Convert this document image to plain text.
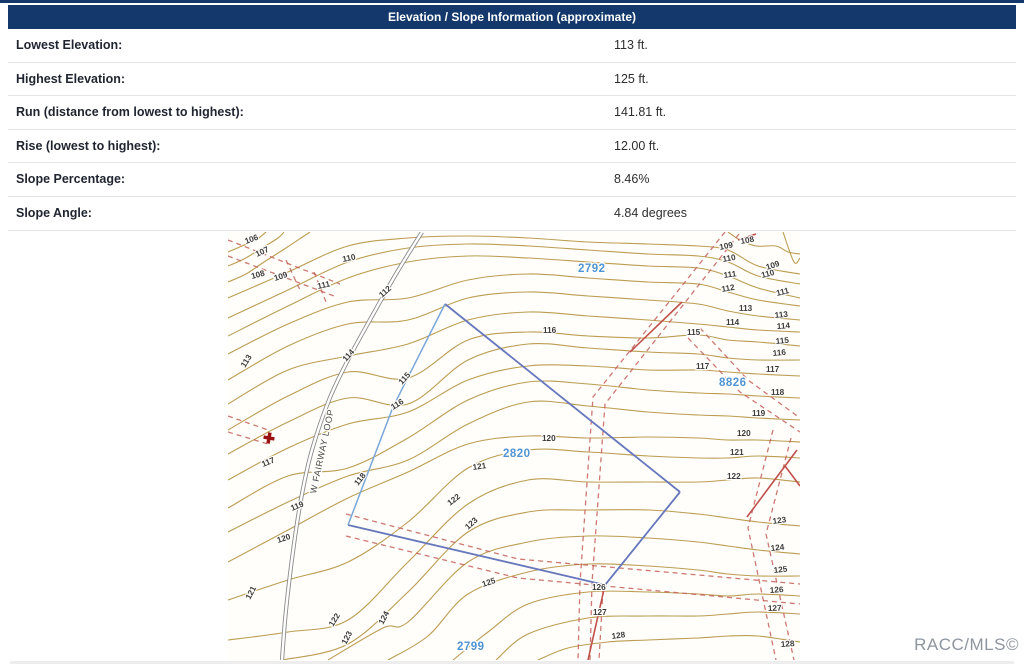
Elevation / Slope Information (approximate)
Lowest Elevation:	113 ft.
Highest Elevation:	125 ft.
Run (distance from lowest to highest):	141.81 ft.
Rise (lowest to highest):	12.00 ft.
Slope Percentage:	8.46%
Slope Angle:	4.84 degrees
W FAIRWAY LOOP
106
107
108 109
110
111	112
113	114
115
116
117
118
119
120
121
122
123
124
125
116
120
121
122
123
126
127
128
108
109
110
111
112
113
114
115
117
109
110
111
113
114
115
116
117
118
119
120
121
122
123
124
125
126
127
128
2792
8826
2820
2799	RACC/MLS©
